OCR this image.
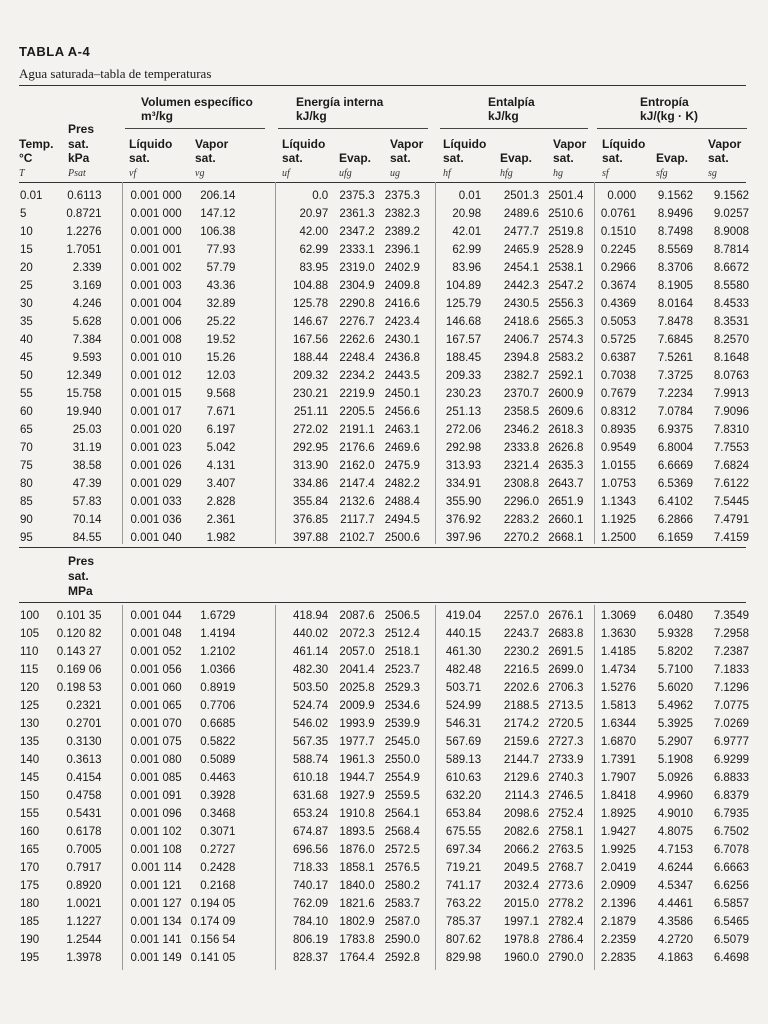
TABLA A-4
Agua saturada–tabla de temperaturas
Volumen específico
m³/kg
Energía interna
kJ/kg
Entalpía
kJ/kg
Entropía
kJ/(kg · K)
Pres
Temp. sat.
°C	kPa
Líquido
sat.
Vapor
sat.
Líquido
sat.	Evap.
Vapor
sat.
Líquido
sat.	Evap.
Vapor
sat.
Líquido
sat.	Evap.
Vapor
sat.
T	Psat	vf	vg	uf	ufg	ug	hf	hfg	hg	sf	sfg	sg
0.01	0.6113	0.001 000	206.14	0.0	2375.3	2375.3	0.01	2501.3	2501.4	0.000	9.1562	9.1562
5	0.8721	0.001 000	147.12	20.97	2361.3	2382.3	20.98	2489.6	2510.6	0.0761	8.9496	9.0257
10	1.2276	0.001 000	106.38	42.00	2347.2	2389.2	42.01	2477.7	2519.8	0.1510	8.7498	8.9008
15	1.7051	0.001 001	77.93	62.99	2333.1	2396.1	62.99	2465.9	2528.9	0.2245	8.5569	8.7814
20	2.339	0.001 002	57.79	83.95	2319.0	2402.9	83.96	2454.1	2538.1	0.2966	8.3706	8.6672
25	3.169	0.001 003	43.36	104.88	2304.9	2409.8	104.89	2442.3	2547.2	0.3674	8.1905	8.5580
30	4.246	0.001 004	32.89	125.78	2290.8	2416.6	125.79	2430.5	2556.3	0.4369	8.0164	8.4533
35	5.628	0.001 006	25.22	146.67	2276.7	2423.4	146.68	2418.6	2565.3	0.5053	7.8478	8.3531
40	7.384	0.001 008	19.52	167.56	2262.6	2430.1	167.57	2406.7	2574.3	0.5725	7.6845	8.2570
45	9.593	0.001 010	15.26	188.44	2248.4	2436.8	188.45	2394.8	2583.2	0.6387	7.5261	8.1648
50	12.349	0.001 012	12.03	209.32	2234.2	2443.5	209.33	2382.7	2592.1	0.7038	7.3725	8.0763
55	15.758	0.001 015	9.568	230.21	2219.9	2450.1	230.23	2370.7	2600.9	0.7679	7.2234	7.9913
60	19.940	0.001 017	7.671	251.11	2205.5	2456.6	251.13	2358.5	2609.6	0.8312	7.0784	7.9096
65	25.03	0.001 020	6.197	272.02	2191.1	2463.1	272.06	2346.2	2618.3	0.8935	6.9375	7.8310
70	31.19	0.001 023	5.042	292.95	2176.6	2469.6	292.98	2333.8	2626.8	0.9549	6.8004	7.7553
75	38.58	0.001 026	4.131	313.90	2162.0	2475.9	313.93	2321.4	2635.3	1.0155	6.6669	7.6824
80	47.39	0.001 029	3.407	334.86	2147.4	2482.2	334.91	2308.8	2643.7	1.0753	6.5369	7.6122
85	57.83	0.001 033	2.828	355.84	2132.6	2488.4	355.90	2296.0	2651.9	1.1343	6.4102	7.5445
90	70.14	0.001 036	2.361	376.85	2117.7	2494.5	376.92	2283.2	2660.1	1.1925	6.2866	7.4791
95	84.55	0.001 040	1.982	397.88	2102.7	2500.6	397.96	2270.2	2668.1	1.2500	6.1659	7.4159
Pres
sat.
MPa
100	0.101 35	0.001 044	1.6729	418.94	2087.6	2506.5	419.04	2257.0	2676.1	1.3069	6.0480	7.3549
105	0.120 82	0.001 048	1.4194	440.02	2072.3	2512.4	440.15	2243.7	2683.8	1.3630	5.9328	7.2958
110	0.143 27	0.001 052	1.2102	461.14	2057.0	2518.1	461.30	2230.2	2691.5	1.4185	5.8202	7.2387
115	0.169 06	0.001 056	1.0366	482.30	2041.4	2523.7	482.48	2216.5	2699.0	1.4734	5.7100	7.1833
120	0.198 53	0.001 060	0.8919	503.50	2025.8	2529.3	503.71	2202.6	2706.3	1.5276	5.6020	7.1296
125	0.2321	0.001 065	0.7706	524.74	2009.9	2534.6	524.99	2188.5	2713.5	1.5813	5.4962	7.0775
130	0.2701	0.001 070	0.6685	546.02	1993.9	2539.9	546.31	2174.2	2720.5	1.6344	5.3925	7.0269
135	0.3130	0.001 075	0.5822	567.35	1977.7	2545.0	567.69	2159.6	2727.3	1.6870	5.2907	6.9777
140	0.3613	0.001 080	0.5089	588.74	1961.3	2550.0	589.13	2144.7	2733.9	1.7391	5.1908	6.9299
145	0.4154	0.001 085	0.4463	610.18	1944.7	2554.9	610.63	2129.6	2740.3	1.7907	5.0926	6.8833
150	0.4758	0.001 091	0.3928	631.68	1927.9	2559.5	632.20	2114.3	2746.5	1.8418	4.9960	6.8379
155	0.5431	0.001 096	0.3468	653.24	1910.8	2564.1	653.84	2098.6	2752.4	1.8925	4.9010	6.7935
160	0.6178	0.001 102	0.3071	674.87	1893.5	2568.4	675.55	2082.6	2758.1	1.9427	4.8075	6.7502
165	0.7005	0.001 108	0.2727	696.56	1876.0	2572.5	697.34	2066.2	2763.5	1.9925	4.7153	6.7078
170	0.7917	0.001 114	0.2428	718.33	1858.1	2576.5	719.21	2049.5	2768.7	2.0419	4.6244	6.6663
175	0.8920	0.001 121	0.2168	740.17	1840.0	2580.2	741.17	2032.4	2773.6	2.0909	4.5347	6.6256
180	1.0021	0.001 127	0.194 05	762.09	1821.6	2583.7	763.22	2015.0	2778.2	2.1396	4.4461	6.5857
185	1.1227	0.001 134	0.174 09	784.10	1802.9	2587.0	785.37	1997.1	2782.4	2.1879	4.3586	6.5465
190	1.2544	0.001 141	0.156 54	806.19	1783.8	2590.0	807.62	1978.8	2786.4	2.2359	4.2720	6.5079
195	1.3978	0.001 149	0.141 05	828.37	1764.4	2592.8	829.98	1960.0	2790.0	2.2835	4.1863	6.4698
